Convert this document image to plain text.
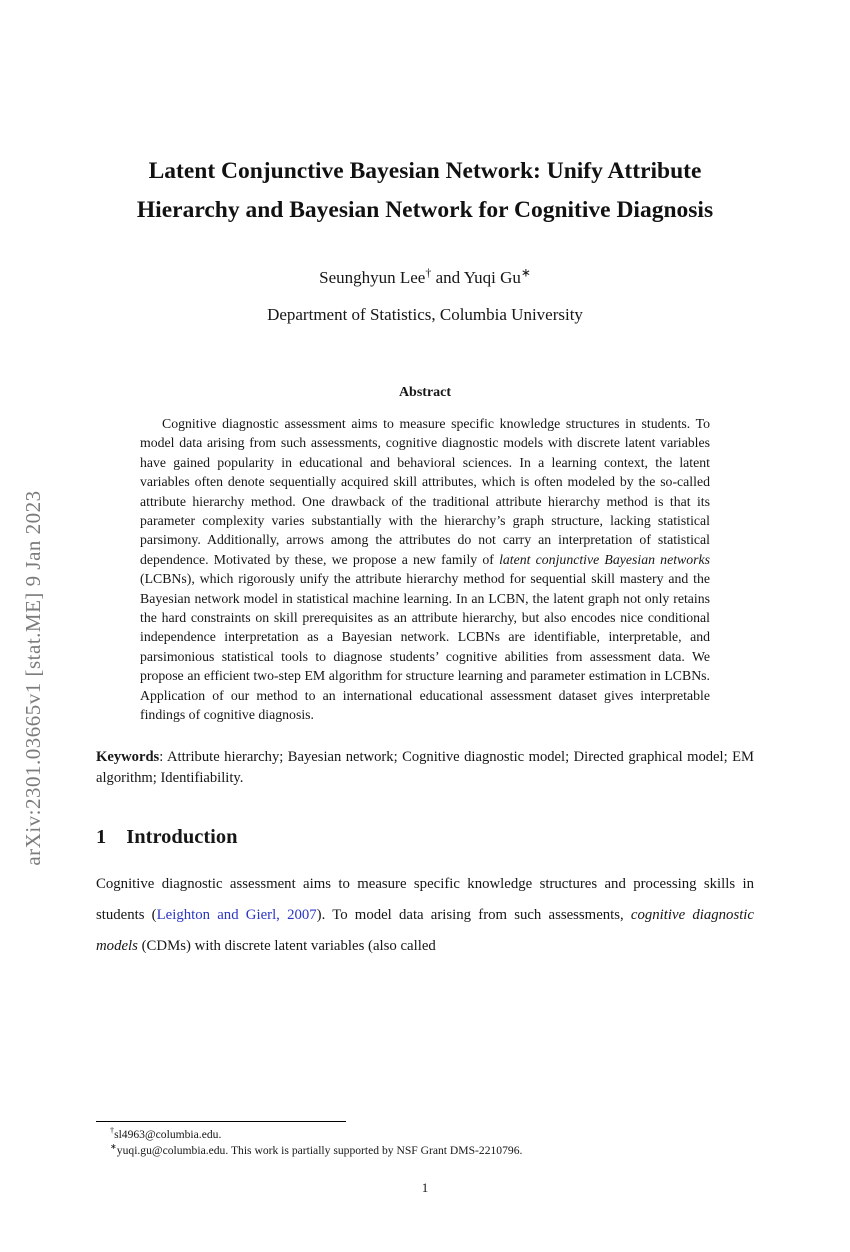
arXiv:2301.03665v1 [stat.ME] 9 Jan 2023
Latent Conjunctive Bayesian Network: Unify Attribute
Hierarchy and Bayesian Network for Cognitive Diagnosis
Seunghyun Lee† and Yuqi Gu∗
Department of Statistics, Columbia University
Abstract

Cognitive diagnostic assessment aims to measure specific knowledge structures in students. To model data arising from such assessments, cognitive diagnostic models with discrete latent variables have gained popularity in educational and behavioral sciences. In a learning context, the latent variables often denote sequentially acquired skill attributes, which is often modeled by the so-called attribute hierarchy method. One drawback of the traditional attribute hierarchy method is that its parameter complexity varies substantially with the hierarchy’s graph structure, lacking statistical parsimony. Additionally, arrows among the attributes do not carry an interpretation of statistical dependence. Motivated by these, we propose a new family of latent conjunctive Bayesian networks (LCBNs), which rigorously unify the attribute hierarchy method for sequential skill mastery and the Bayesian network model in statistical machine learning. In an LCBN, the latent graph not only retains the hard constraints on skill prerequisites as an attribute hierarchy, but also encodes nice conditional independence interpretation as a Bayesian network. LCBNs are identifiable, interpretable, and parsimonious statistical tools to diagnose students’ cognitive abilities from assessment data. We propose an efficient two-step EM algorithm for structure learning and parameter estimation in LCBNs. Application of our method to an international educational assessment dataset gives interpretable findings of cognitive diagnosis.

Keywords: Attribute hierarchy; Bayesian network; Cognitive diagnostic model; Directed graphical model; EM algorithm; Identifiability.

1 Introduction

Cognitive diagnostic assessment aims to measure specific knowledge structures and processing skills in students (Leighton and Gierl, 2007). To model data arising from such assessments, cognitive diagnostic models (CDMs) with discrete latent variables (also called

†sl4963@columbia.edu.
∗yuqi.gu@columbia.edu. This work is partially supported by NSF Grant DMS-2210796.
1
